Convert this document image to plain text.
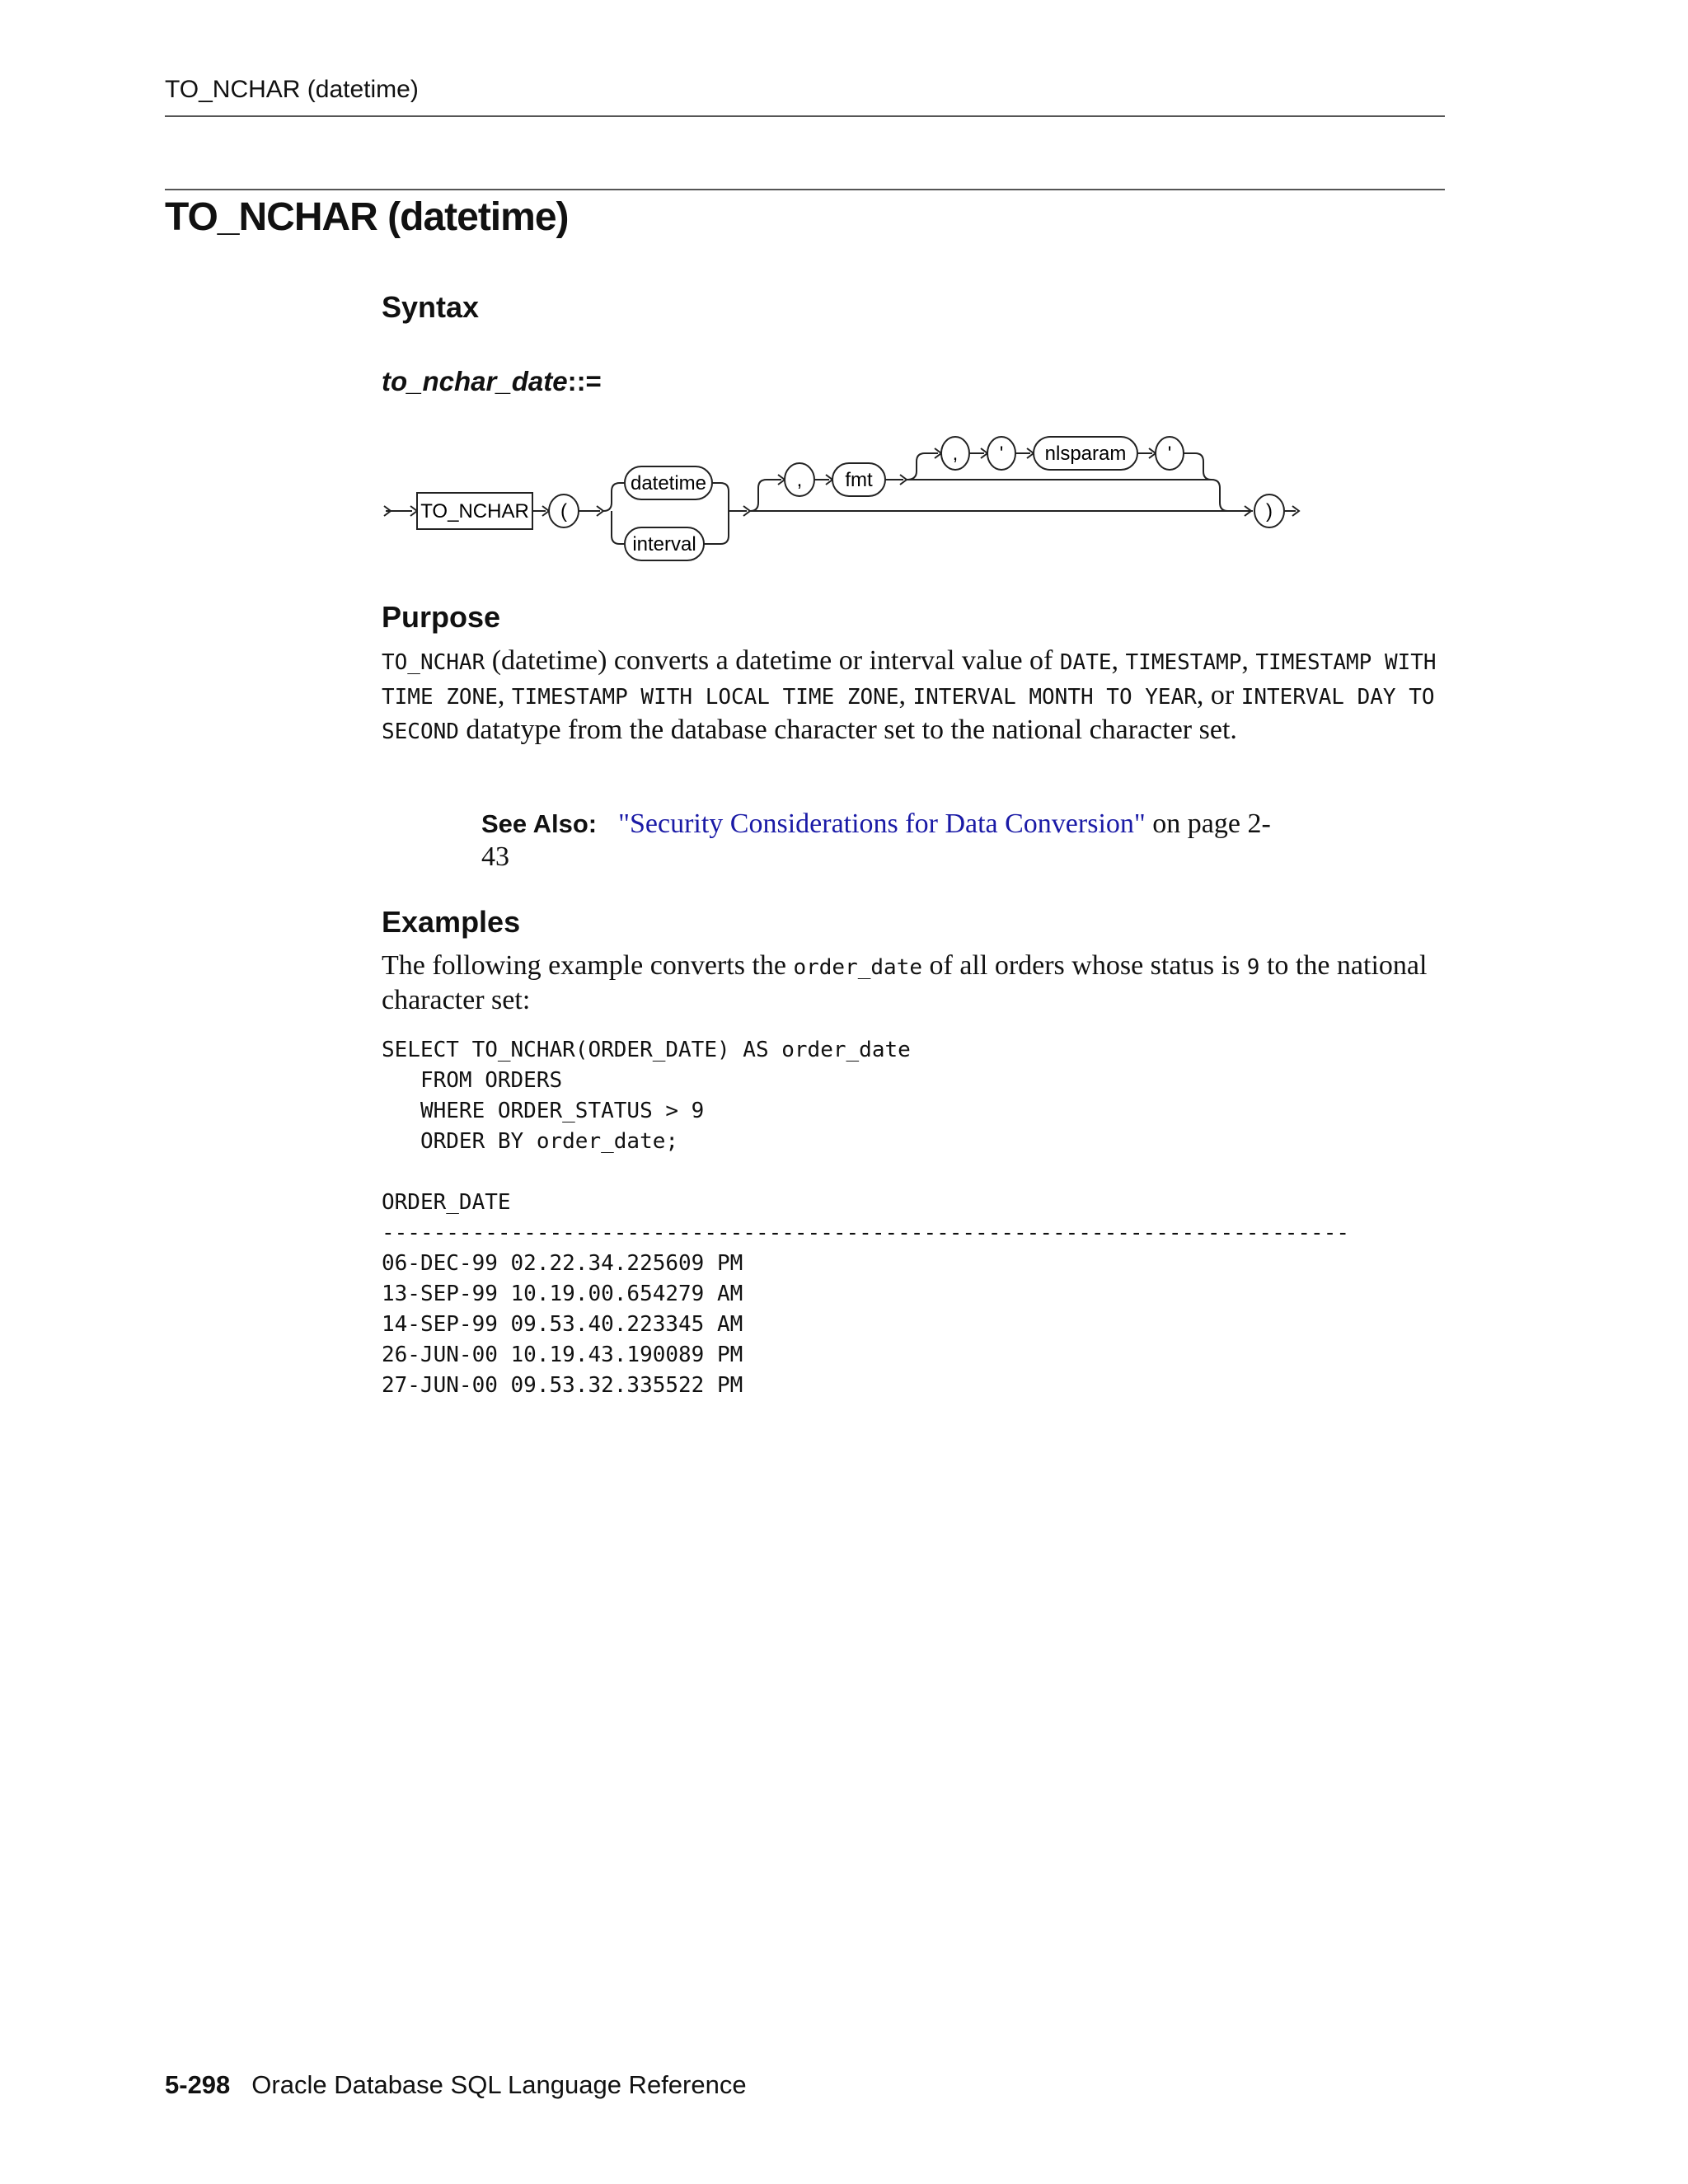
TO_NCHAR (datetime)
TO_NCHAR (datetime)
Syntax
to_nchar_date::=
TO_NCHAR (
datetime
interval
, fmt
, ' nlsparam '
)
Purpose
TO_NCHAR (datetime) converts a datetime or interval value of DATE, TIMESTAMP, TIMESTAMP WITH TIME ZONE, TIMESTAMP WITH LOCAL TIME ZONE, INTERVAL MONTH TO YEAR, or INTERVAL DAY TO SECOND datatype from the database character set to the national character set.
See Also: "Security Considerations for Data Conversion" on page 2-43
Examples
The following example converts the order_date of all orders whose status is 9 to the national character set:
SELECT TO_NCHAR(ORDER_DATE) AS order_date
FROM ORDERS
WHERE ORDER_STATUS > 9
ORDER BY order_date;

ORDER_DATE
---------------------------------------------------------------------------
06-DEC-99 02.22.34.225609 PM
13-SEP-99 10.19.00.654279 AM
14-SEP-99 09.53.40.223345 AM
26-JUN-00 10.19.43.190089 PM
27-JUN-00 09.53.32.335522 PM
5-298 Oracle Database SQL Language Reference
